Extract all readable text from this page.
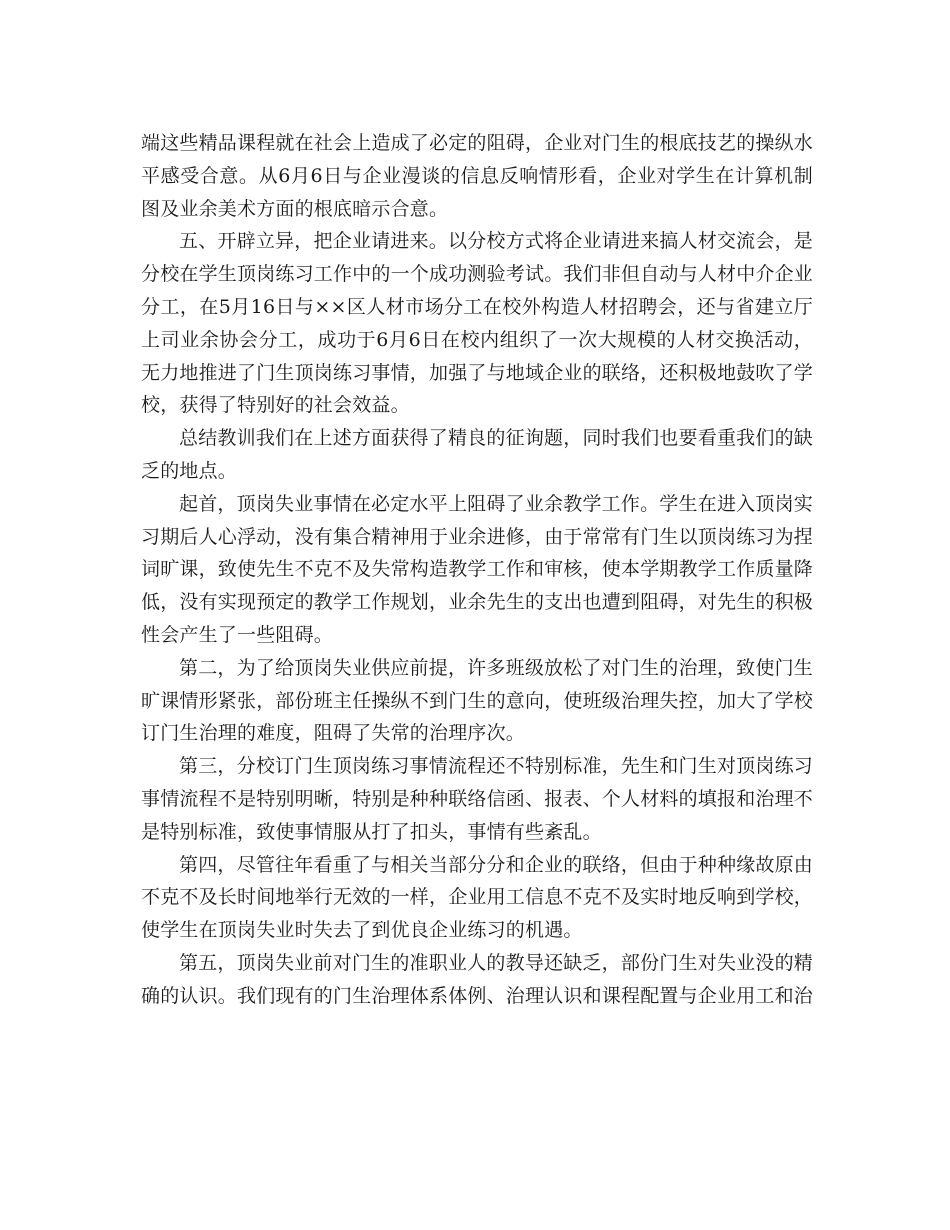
端这些精品课程就在社会上造成了必定的阻碍，企业对门生的根底技艺的操纵水平感受合意。从6月6日与企业漫谈的信息反响情形看，企业对学生在计算机制图及业余美术方面的根底暗示合意。

五、开辟立异，把企业请进来。以分校方式将企业请进来搞人材交流会，是分校在学生顶岗练习工作中的一个成功测验考试。我们非但自动与人材中介企业分工，在5月16日与××区人材市场分工在校外构造人材招聘会，还与省建立厅上司业余协会分工，成功于6月6日在校内组织了一次大规模的人材交换活动，无力地推进了门生顶岗练习事情，加强了与地域企业的联络，还积极地鼓吹了学校，获得了特别好的社会效益。

总结教训我们在上述方面获得了精良的征询题，同时我们也要看重我们的缺乏的地点。

起首，顶岗失业事情在必定水平上阻碍了业余教学工作。学生在进入顶岗实习期后人心浮动，没有集合精神用于业余进修，由于常常有门生以顶岗练习为捏词旷课，致使先生不克不及失常构造教学工作和审核，使本学期教学工作质量降低，没有实现预定的教学工作规划，业余先生的支出也遭到阻碍，对先生的积极性会产生了一些阻碍。

第二，为了给顶岗失业供应前提，许多班级放松了对门生的治理，致使门生旷课情形紧张，部份班主任操纵不到门生的意向，使班级治理失控，加大了学校订门生治理的难度，阻碍了失常的治理序次。

第三，分校订门生顶岗练习事情流程还不特别标准，先生和门生对顶岗练习事情流程不是特别明晰，特别是种种联络信函、报表、个人材料的填报和治理不是特别标准，致使事情服从打了扣头，事情有些紊乱。

第四，尽管往年看重了与相关当部分分和企业的联络，但由于种种缘故原由不克不及长时间地举行无效的一样，企业用工信息不克不及实时地反响到学校，使学生在顶岗失业时失去了到优良企业练习的机遇。

第五，顶岗失业前对门生的准职业人的教导还缺乏，部份门生对失业没的精确的认识。我们现有的门生治理体系体例、治理认识和课程配置与企业用工和治
